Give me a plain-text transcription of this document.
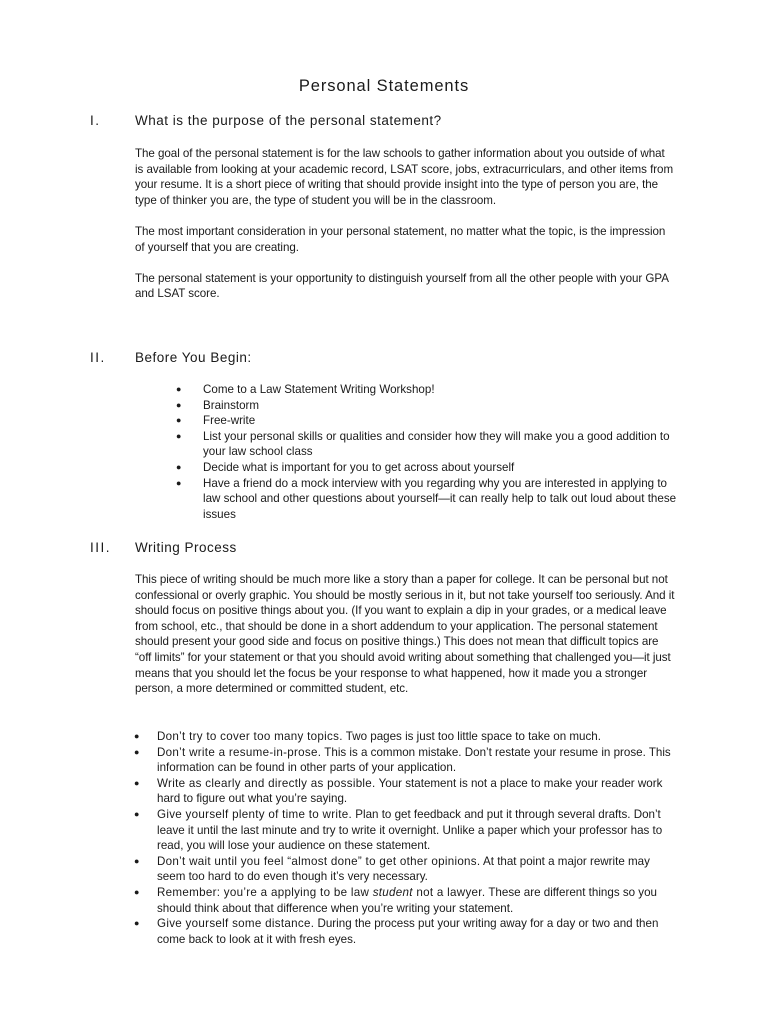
Personal Statements
I.	What is the purpose of the personal statement?

The goal of the personal statement is for the law schools to gather information about you outside of what is available from looking at your academic record, LSAT score, jobs, extracurriculars, and other items from your resume. It is a short piece of writing that should provide insight into the type of person you are, the type of thinker you are, the type of student you will be in the classroom.

The most important consideration in your personal statement, no matter what the topic, is the impression of yourself that you are creating.

The personal statement is your opportunity to distinguish yourself from all the other people with your GPA and LSAT score.

II. Before You Begin:
● Come to a Law Statement Writing Workshop!
● Brainstorm
● Free-write
● List your personal skills or qualities and consider how they will make you a good addition to your law school class
● Decide what is important for you to get across about yourself
● Have a friend do a mock interview with you regarding why you are interested in applying to law school and other questions about yourself—it can really help to talk out loud about these issues
III. Writing Process

This piece of writing should be much more like a story than a paper for college. It can be personal but not confessional or overly graphic. You should be mostly serious in it, but not take yourself too seriously. And it should focus on positive things about you. (If you want to explain a dip in your grades, or a medical leave from school, etc., that should be done in a short addendum to your application. The personal statement should present your good side and focus on positive things.) This does not mean that difficult topics are “off limits” for your statement or that you should avoid writing about something that challenged you—it just means that you should let the focus be your response to what happened, how it made you a stronger person, a more determined or committed student, etc.

● Don’t try to cover too many topics. Two pages is just too little space to take on much.
● Don’t write a resume-in-prose. This is a common mistake. Don’t restate your resume in prose. This information can be found in other parts of your application.
● Write as clearly and directly as possible. Your statement is not a place to make your reader work hard to figure out what you’re saying.
● Give yourself plenty of time to write. Plan to get feedback and put it through several drafts. Don’t leave it until the last minute and try to write it overnight. Unlike a paper which your professor has to read, you will lose your audience on these statement.
● Don’t wait until you feel “almost done” to get other opinions. At that point a major rewrite may seem too hard to do even though it’s very necessary.
● Remember: you’re a applying to be law student not a lawyer. These are different things so you should think about that difference when you’re writing your statement.
● Give yourself some distance. During the process put your writing away for a day or two and then come back to look at it with fresh eyes.
